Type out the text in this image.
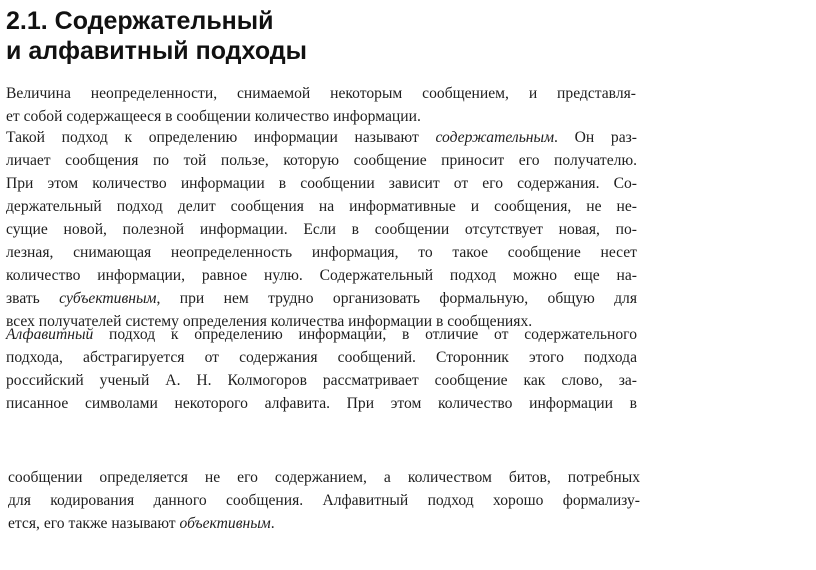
2.1. Содержательный
и алфавитный подходы
Величина неопределенности, снимаемой некоторым сообщением, и представля-
ет собой содержащееся в сообщении количество информации.
Такой подход к определению информации называют содержательным. Он раз-
личает сообщения по той пользе, которую сообщение приносит его получателю.
При этом количество информации в сообщении зависит от его содержания. Со-
держательный подход делит сообщения на информативные и сообщения, не не-
сущие новой, полезной информации. Если в сообщении отсутствует новая, по-
лезная, снимающая неопределенность информация, то такое сообщение несет
количество информации, равное нулю. Содержательный подход можно еще на-
звать субъективным, при нем трудно организовать формальную, общую для
всех получателей систему определения количества информации в сообщениях.
Алфавитный подход к определению информации, в отличие от содержательного
подхода, абстрагируется от содержания сообщений. Сторонник этого подхода
российский ученый А. Н. Колмогоров рассматривает сообщение как слово, за-
писанное символами некоторого алфавита. При этом количество информации в
сообщении определяется не его содержанием, а количеством битов, потребных
для кодирования данного сообщения. Алфавитный подход хорошо формализу-
ется, его также называют объективным.
